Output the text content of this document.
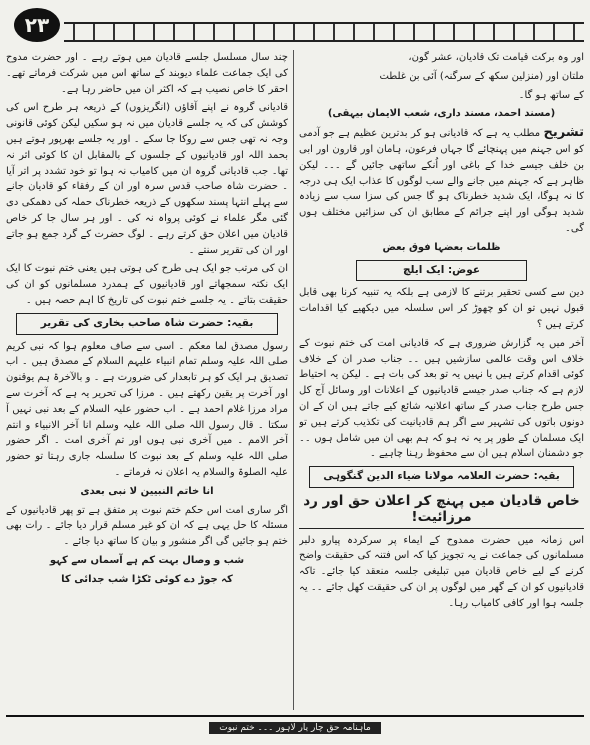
۲۳

اور وہ برکت قیامت تک قادیان، عشر گون،

ملتان اور (منزلین سکھ کے سرگنہ) آئی بن غلطت

کے ساتھ ہو گا۔

(مسند احمد، مسند داری، شعب الایمان بیہقی)

تشریح مطلب یہ ہے کہ قادیانی ہو کر بدترین عظیم ہے جو آدمی کو اس جہنم میں پہنچائے گا جہاں فرعون، ہامان اور قارون اور ابی بن خلف جیسے خدا کے باغی اور اُنکے ساتھی جائیں گے ۔۔۔ لیکن ظاہر ہے کہ جہنم میں جانے والے سب لوگوں کا عذاب ایک ہی درجہ کا نہ ہوگا، ایک شدید خطرناک ہو گا جس کی سزا سب سے زیادہ شدید ہوگی اور اپنے جرائم کے مطابق ان کی سزائیں مختلف ہوں گی۔

ظلمات بعضہا فوق بعض

عوض: ایک ایلچ

دین سے کسی تحقیر برتنے کا لازمی ہے بلکہ یہ تنبیہ کرنا بھی قابل قبول نہیں تو ان کو چھوڑ کر اس سلسلہ میں دیکھیے کیا اقدامات کرتے ہیں ؟

آخر میں یہ گزارش ضروری ہے کہ قادیانی امت کی ختم نبوت کے خلاف اس وقت عالمی سازشیں ہیں ۔۔ جناب صدر ان کے خلاف کوئی اقدام کرتے ہیں یا نہیں یہ تو بعد کی بات ہے ۔ لیکن یہ احتیاط لازم ہے کہ جناب صدر جیسے قادیانیوں کے اعلانات اور وسائل آج کل جس طرح جناب صدر کے ساتھ اعلانیہ شائع کیے جاتے ہیں ان کے ان دونوں باتوں کی تشہیر سے اگر ہم قادیانیت کی تکذیب کرتے ہیں تو ایک مسلمان کے طور پر یہ نہ ہو کہ ہم بھی ان میں شامل ہوں ۔۔ جو دشمنان اسلام ہیں ان سے محفوظ رہنا چاہیے ۔

بقیہ: حضرت العلامہ مولانا ضیاء الدین گنگوہی
خاص قادیان میں پہنچ کر اعلان حق اور رد مرزائیت!

اس زمانہ میں حضرت ممدوح کے ایماء پر سرکردہ پیارو دلبر مسلمانوں کی جماعت نے یہ تجویز کیا کہ اس فتنہ کی حقیقت واضح کرنے کے لیے خاص قادیان میں تبلیغی جلسہ منعقد کیا جائے۔ تاکہ قادیانیوں کو ان کے گھر میں لوگوں پر ان کی حقیقت کھل جائے ۔۔ یہ جلسہ ہوا اور کافی کامیاب رہا۔

چند سال مسلسل جلسے قادیان میں ہوتے رہے ۔ اور حضرت مدوح کی ایک جماعت علماء دیوبند کے ساتھ اس میں شرکت فرماتے تھے۔ احقر کا خاص نصیب ہے کہ اکثر ان میں حاضر رہا ہے۔

قادیانی گروہ نے اپنے آقاؤں (انگریزوں) کے ذریعہ ہر طرح اس کی کوشش کی کہ یہ جلسے قادیان میں نہ ہو سکیں لیکن کوئی قانونی وجہ نہ تھی جس سے روکا جا سکے ۔ اور یہ جلسے بھرپور ہوتے ہیں بحمد اللہ اور قادیانیوں کے جلسوں کے بالمقابل ان کا کوئی اثر نہ تھا۔ جب قادیانی گروہ ان میں کامیاب نہ ہوا تو خود تشدد پر اتر آیا ۔ حضرت شاہ صاحب قدس سرہ اور ان کے رفقاء کو قادیان جانے سے پہلے انتہا پسند سکھوں کے ذریعہ خطرناک حملہ کی دھمکی دی گئی مگر علماء نے کوئی پرواہ نہ کی ۔ اور ہر سال جا کر خاص قادیان میں اعلان حق کرتے رہے ۔ لوگ حضرت کے گرد جمع ہو جاتے اور ان کی تقریر سنتے ۔

ان کی مرتب جو ایک ہی طرح کی ہوتی ہیں یعنی ختم نبوت کا ایک ایک نکتہ سمجھاتے اور قادیانیوں کے ہمدرد مسلمانوں کو ان کی حقیقت بتاتے ۔ یہ جلسے ختم نبوت کی تاریخ کا اہم حصہ ہیں ۔

بقیہ: حضرت شاہ صاحب بخاری کی تقریر

رسول مصدق لما معکم ۔ اسی سے صاف معلوم ہوا کہ نبی کریم صلی اللہ علیہ وسلم تمام انبیاء علیہم السلام کے مصدق ہیں ۔ اب تصدیق ہر ایک کو ہر تابعدار کی ضرورت ہے ۔ و بالآخرۃ ہم یوقنون اور آخرت پر یقین رکھتے ہیں ۔ مرزا کی تحریر یہ ہے کہ آخرت سے مراد مرزا غلام احمد ہے ۔ اب حضور علیہ السلام کے بعد نبی نہیں آ سکتا ۔ قال رسول اللہ صلی اللہ علیہ وسلم انا آخر الانبیاء و انتم آخر الامم ۔ میں آخری نبی ہوں اور تم آخری امت ۔ اگر حضور صلی اللہ علیہ وسلم کے بعد نبوت کا سلسلہ جاری رہتا تو حضور علیہ الصلوۃ والسلام یہ اعلان نہ فرماتے ۔

انا خاتم النبیین لا نبی بعدی

اگر ساری امت اس حکم ختم نبوت پر متفق ہے تو پھر قادیانیوں کے مسئلہ کا حل یہی ہے کہ ان کو غیر مسلم قرار دیا جائے ۔ رات بھی ختم ہو جائیں گی اگر منشور و بیان کا ساتھ دیا جائے ۔

شب و وصال بہت کم ہے آسماں سے کہو

کہ جوڑ دے کوئی ٹکڑا شب جدائی کا

ماہنامہ حق چار یار لاہور ۔۔۔ ختم نبوت
